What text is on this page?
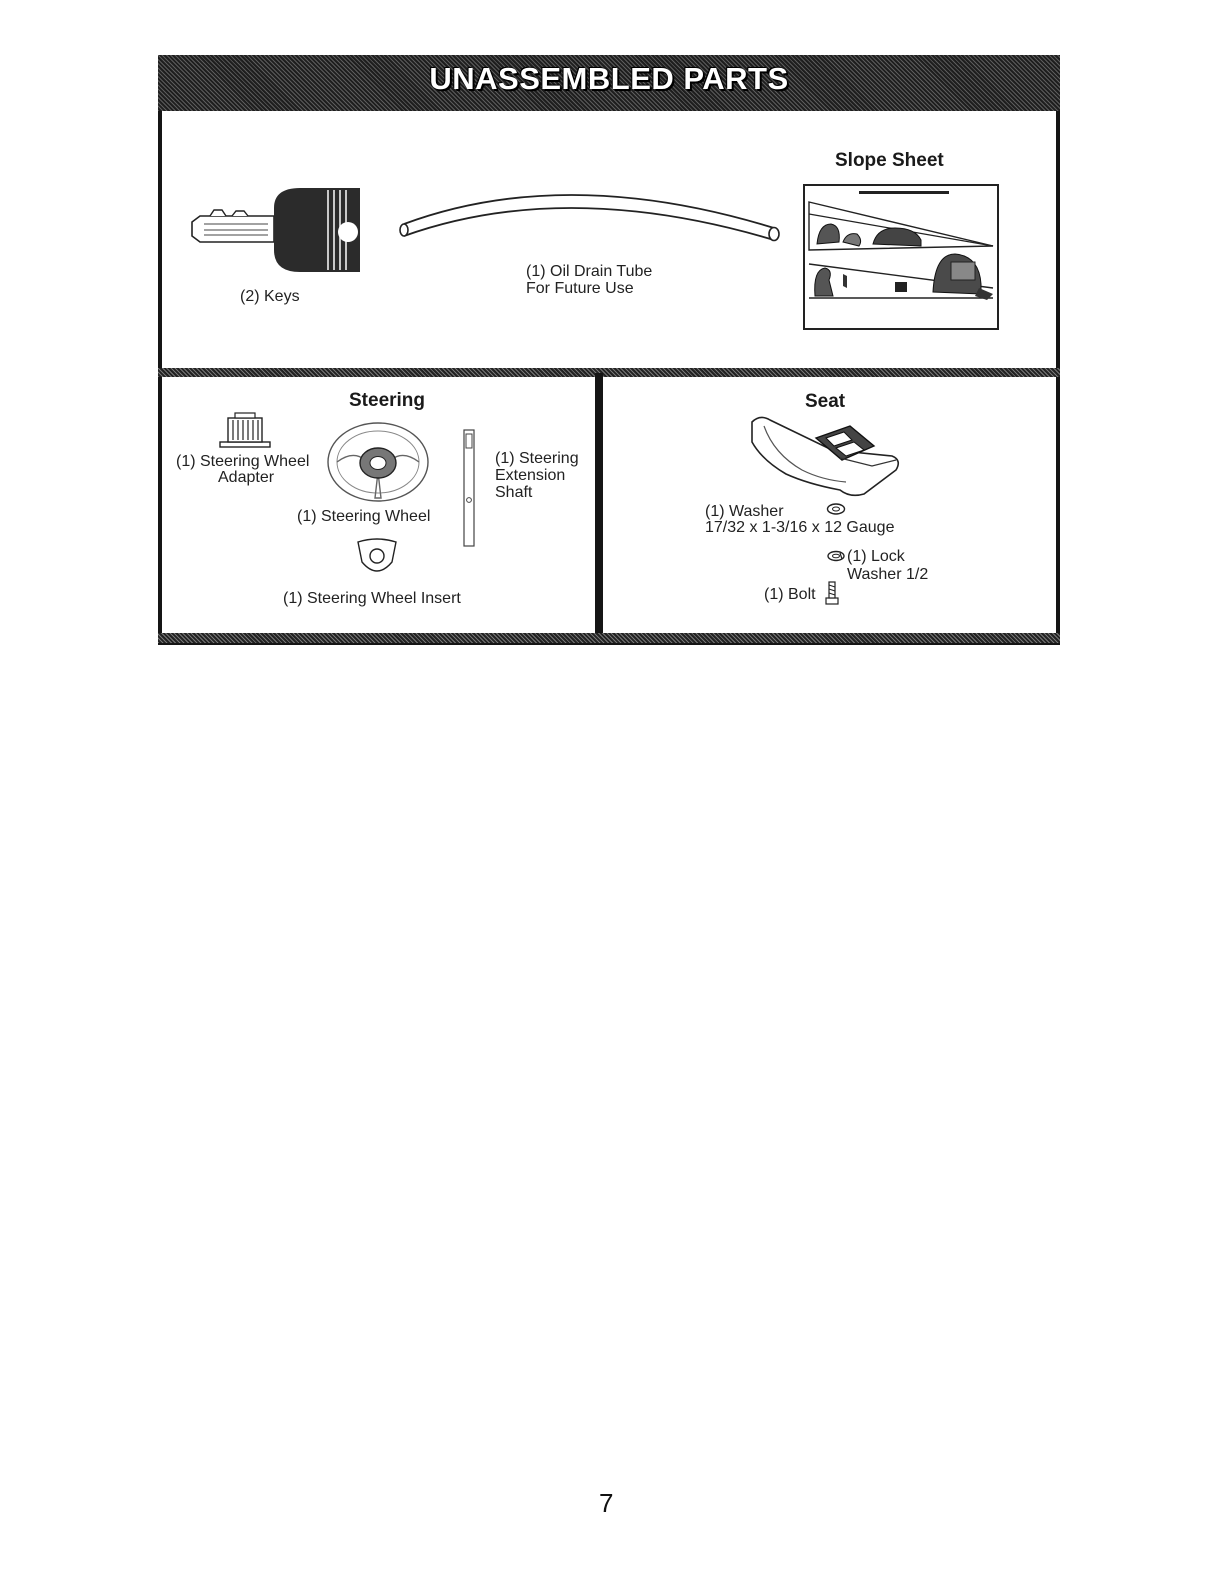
UNASSEMBLED PARTS
(2) Keys
(1) Oil Drain Tube
For Future Use
Slope Sheet
Steering
(1) Steering Wheel
Adapter
(1) Steering Wheel
(1) Steering
Extension
Shaft
(1) Steering Wheel Insert
Seat
(1) Washer
17/32 x 1-3/16 x 12 Gauge
(1) Lock
Washer 1/2
(1) Bolt
7
